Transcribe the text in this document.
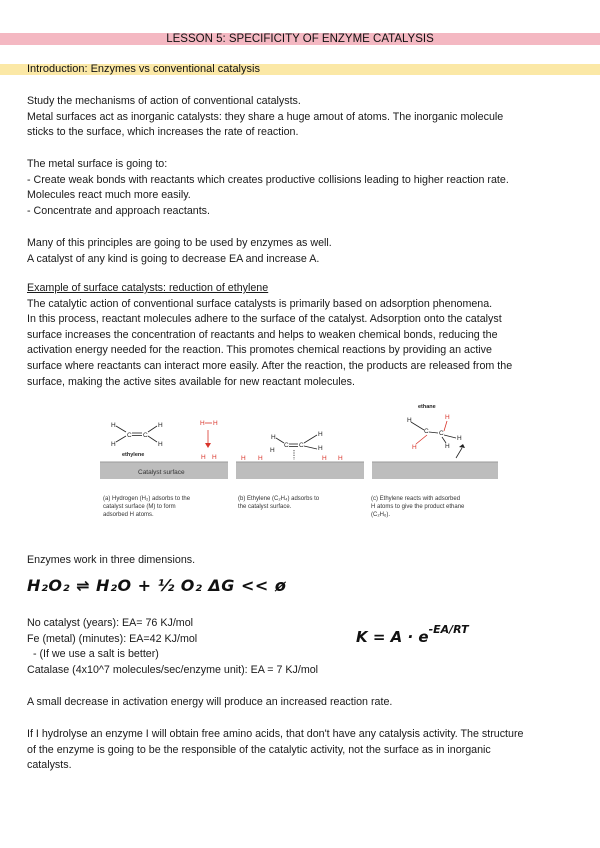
LESSON 5: SPECIFICITY OF ENZYME CATALYSIS
Introduction: Enzymes vs conventional catalysis
Study the mechanisms of action of conventional catalysts.
Metal surfaces act as inorganic catalysts: they share a huge amout of atoms. The inorganic molecule
sticks to the surface, which increases the rate of reaction.
The metal surface is going to:
- Create weak bonds with reactants which creates productive collisions leading to higher reaction rate.
Molecules react much more easily.
- Concentrate and approach reactants.
Many of this principles are going to be used by enzymes as well.
A catalyst of any kind is going to decrease EA and increase A.
Example of surface catalysts: reduction of ethylene
The catalytic action of conventional surface catalysts is primarily based on adsorption phenomena.
In this process, reactant molecules adhere to the surface of the catalyst. Adsorption onto the catalyst
surface increases the concentration of reactants and helps to weaken chemical bonds, reducing the
activation energy needed for the reaction. This promotes chemical reactions by providing an active
surface where reactants can interact more easily. After the reaction, the products are released from the
surface, making the active sites available for new reactant molecules.
Catalyst surface
H
H
C C
H
H
ethylene
H H
H H
H
C C
H
H
H
H H	H H
ethane
H	H
C C
H
H	H
(a) Hydrogen (H₂) adsorbs to the
catalyst surface (M) to form
adsorbed H atoms.
(b) Ethylene (C₂H₄) adsorbs to
the catalyst surface.
(c) Ethylene reacts with adsorbed
H atoms to give the product ethane
(C₂H₆).
Enzymes work in three dimensions.
H₂O₂ ⇌ H₂O + ½ O₂ ΔG << ø
$K = A \cdot e^{-EA/RT}$
No catalyst (years): EA= 76 KJ/mol
Fe (metal) (minutes): EA=42 KJ/mol
- (If we use a salt is better)
Catalase (4x10^7 molecules/sec/enzyme unit): EA = 7 KJ/mol
A small decrease in activation energy will produce an increased reaction rate.
If I hydrolyse an enzyme I will obtain free amino acids, that don't have any catalysis activity. The structure
of the enzyme is going to be the responsible of the catalytic activity, not the surface as in inorganic
catalysts.
